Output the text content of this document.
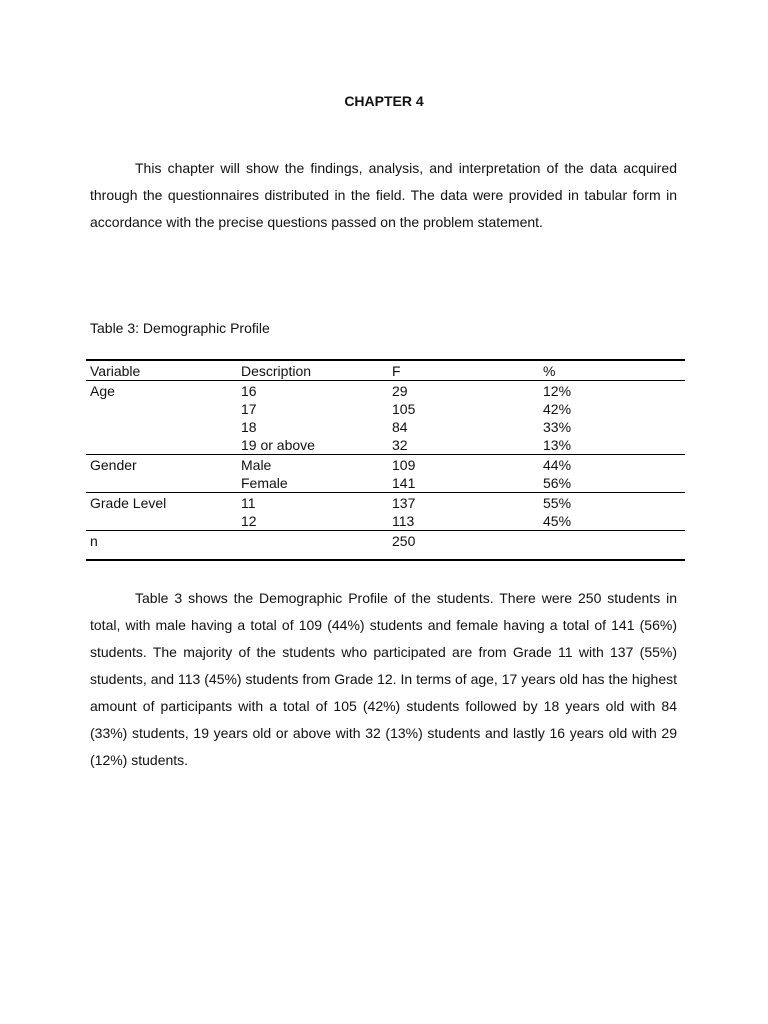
CHAPTER 4

This chapter will show the findings, analysis, and interpretation of the data acquired through the questionnaires distributed in the field. The data were provided in tabular form in accordance with the precise questions passed on the problem statement.

Table 3: Demographic Profile
Variable	Description	F	%
Age	16	29	12%
	17	105	42%
	18	84	33%
	19 or above	32	13%
Gender	Male	109	44%
	Female	141	56%
Grade Level	11	137	55%
	12	113	45%
n		250	

Table 3 shows the Demographic Profile of the students. There were 250 students in total, with male having a total of 109 (44%) students and female having a total of 141 (56%) students. The majority of the students who participated are from Grade 11 with 137 (55%) students, and 113 (45%) students from Grade 12. In terms of age, 17 years old has the highest amount of participants with a total of 105 (42%) students followed by 18 years old with 84 (33%) students, 19 years old or above with 32 (13%) students and lastly 16 years old with 29 (12%) students.
